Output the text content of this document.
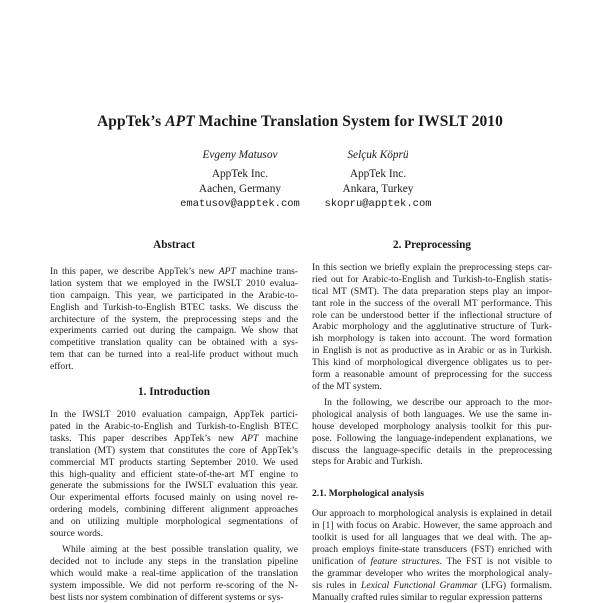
AppTek’s APT Machine Translation System for IWSLT 2010
Evgeny Matusov
AppTek Inc.
Aachen, Germany
ematusov@apptek.com
Selçuk Köprü
AppTek Inc.
Ankara, Turkey
skopru@apptek.com
Abstract

In this paper, we describe AppTek’s new APT machine trans-
lation system that we employed in the IWSLT 2010 evalua-
tion campaign. This year, we participated in the Arabic-to-
English and Turkish-to-English BTEC tasks. We discuss the
architecture of the system, the preprocessing steps and the
experiments carried out during the campaign. We show that
competitive translation quality can be obtained with a sys-
tem that can be turned into a real-life product without much
effort.

1. Introduction

In the IWSLT 2010 evaluation campaign, AppTek partici-
pated in the Arabic-to-English and Turkish-to-English BTEC
tasks. This paper describes AppTek’s new APT machine
translation (MT) system that constitutes the core of AppTek’s
commercial MT products starting September 2010. We used
this high-quality and efficient state-of-the-art MT engine to
generate the submissions for the IWSLT evaluation this year.
Our experimental efforts focused mainly on using novel re-
ordering models, combining different alignment approaches
and on utilizing multiple morphological segmentations of
source words.

While aiming at the best possible translation quality, we
decided not to include any steps in the translation pipeline
which would make a real-time application of the translation
system impossible. We did not perform re-scoring of the N-
best lists nor system combination of different systems or sys-

2. Preprocessing

In this section we briefly explain the preprocessing steps car-
ried out for Arabic-to-English and Turkish-to-English statis-
tical MT (SMT). The data preparation steps play an impor-
tant role in the success of the overall MT performance. This
role can be understood better if the inflectional structure of
Arabic morphology and the agglutinative structure of Turk-
ish morphology is taken into account. The word formation
in English is not as productive as in Arabic or as in Turkish.
This kind of morphological divergence obligates us to per-
form a reasonable amount of preprocessing for the success
of the MT system.

In the following, we describe our approach to the mor-
phological analysis of both languages. We use the same in-
house developed morphology analysis toolkit for this pur-
pose. Following the language-independent explanations, we
discuss the language-specific details in the preprocessing
steps for Arabic and Turkish.

2.1. Morphological analysis

Our approach to morphological analysis is explained in detail
in [1] with focus on Arabic. However, the same approach and
toolkit is used for all languages that we deal with. The ap-
proach employs finite-state transducers (FST) enriched with
unification of feature structures. The FST is not visible to
the grammar developer who writes the morphological analy-
sis rules in Lexical Functional Grammar (LFG) formalism.
Manually crafted rules similar to regular expression patterns
